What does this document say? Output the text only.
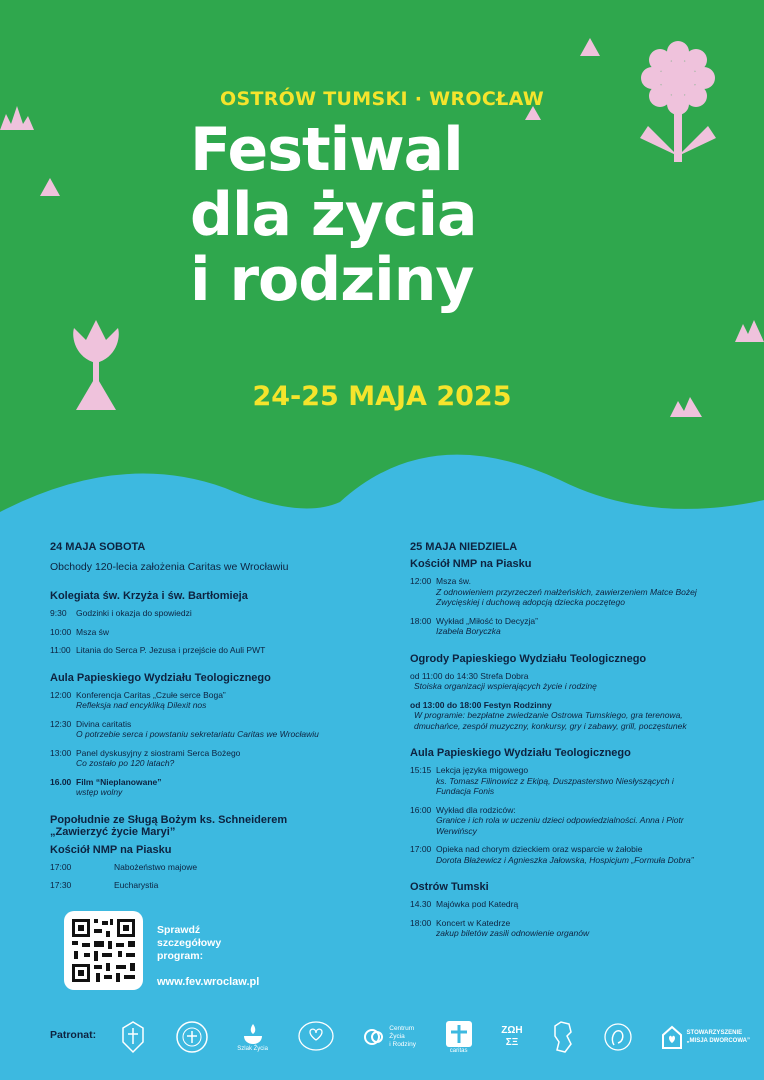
OSTRÓW TUMSKI · WROCŁAW
Festiwal
dla życia
i rodziny
24-25 MAJA 2025
24 MAJA SOBOTA
Obchody 120-lecia założenia Caritas we Wrocławiu
Kolegiata św. Krzyża i św. Bartłomieja
9:30	Godzinki i okazja do spowiedzi
10:00 Msza św
11:00 Litania do Serca P. Jezusa i przejście do Auli PWT
Aula Papieskiego Wydziału Teologicznego
12:00 Konferencja Caritas „Czułe serce Boga”
Refleksja nad encykliką Dilexit nos
12:30 Divina caritatis
O potrzebie serca i powstaniu sekretariatu Caritas we Wrocławiu
13:00 Panel dyskusyjny z siostrami Serca Bożego
Co zostało po 120 latach?
16.00 Film “Nieplanowane”
wstęp wolny
Popołudnie ze Sługą Bożym ks. Schneiderem „Zawierzyć życie Maryi”
Kościół NMP na Piasku
17:00	Nabożeństwo majowe
17:30	Eucharystia
25 MAJA NIEDZIELA
Kościół NMP na Piasku
12:00 Msza św.
Z odnowieniem przyrzeczeń małżeńskich, zawierzeniem Matce Bożej Zwycięskiej i duchową adopcją dziecka poczętego
18:00 Wykład „Miłość to Decyzja”
Izabela Boryczka
Ogrody Papieskiego Wydziału Teologicznego
od 11:00 do 14:30 Strefa Dobra
Stoiska organizacji wspierających życie i rodzinę
od 13:00 do 18:00 Festyn Rodzinny
W programie: bezpłatne zwiedzanie Ostrowa Tumskiego, gra terenowa, dmuchańce, zespół muzyczny, konkursy, gry i zabawy, grill, poczęstunek
Aula Papieskiego Wydziału Teologicznego
15:15 Lekcja języka migowego
ks. Tomasz Filinowicz z Ekipą, Duszpasterstwo Niesłyszących i Fundacja Fonis
16:00 Wykład dla rodziców:
Granice i ich rola w uczeniu dzieci odpowiedzialności. Anna i Piotr Werwińscy
17:00 Opieka nad chorym dzieckiem oraz wsparcie w żałobie
Dorota Błażewicz i Agnieszka Jałowska, Hospicjum „Formuła Dobra”
Ostrów Tumski
14.30 Majówka pod Katedrą
18:00 Koncert w Katedrze
zakup biletów zasili odnowienie organów
Sprawdź
szczegółowy
program:
www.fev.wroclaw.pl
Patronat:
Szlak Życia
Centrum
Życia
i Rodziny
caritas
ΖΩΗ
ΣΞ
STOWARZYSZENIE
„MISJA DWORCOWA”
